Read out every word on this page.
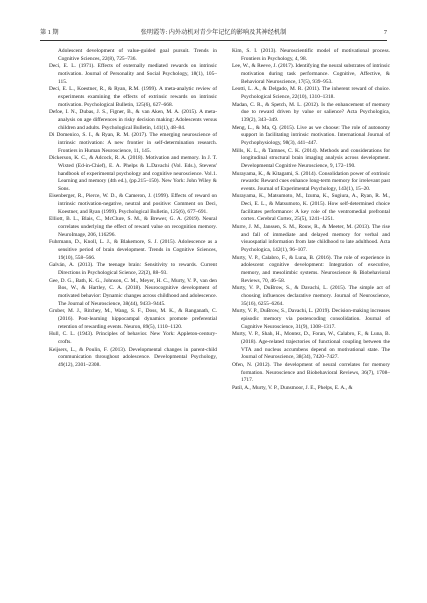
第 1 期	张明霞等: 内外动机对青少年记忆的影响及其神经机制	7

Adolescent development of value-guided goal pursuit. Trends in Cognitive Sciences, 22(8), 725–736.

Deci, E. L. (1971). Effects of externally mediated rewards on intrinsic motivation. Journal of Personality and Social Psychology, 18(1), 105–115.

Deci, E. L., Koestner, R., & Ryan, R.M. (1999). A meta-analytic review of experiments examining the effects of extrinsic rewards on intrinsic motivation. Psychological Bulletin, 125(6), 627–668.

Defoe, I. N., Dubas, J. S., Figner, B., & van Aken, M. A. (2015). A meta-analysis on age differences in risky decision making: Adolescents versus children and adults. Psychological Bulletin, 141(1), 48–84.

Di Domenico, S. I., & Ryan, R. M. (2017). The emerging neuroscience of intrinsic motivation: A new frontier in self-determination research. Frontiers in Human Neuroscience, 11, 145.

Dickerson, K. C., & Adcock, R. A. (2018). Motivation and memory. In J. T. Wixted (Ed-in-Chief), E. A. Phelps & L.Davachi (Vol. Eds.), Stevens' handbook of experimental psychology and cognitive neuroscience. Vol.1. Learning and memory (4th ed.), (pp.215–150). New York: John Wiley & Sons.

Eisenberger, R., Pierce, W. D., & Cameron, J. (1999). Effects of reward on intrinsic motivation-negative, neutral and positive: Comment on Deci, Koestner, and Ryan (1999). Psychological Bulletin, 125(6), 677–691.

Elliott, B. L., Blais, C., McClure, S. M., & Brewer, G. A. (2019). Neural correlates underlying the effect of reward value on recognition memory. NeuroImage, 206, 116296.

Fuhrmann, D., Knoll, L. J., & Blakemore, S. J. (2015). Adolescence as a sensitive period of brain development. Trends in Cognitive Sciences, 19(10), 558–566.

Galván, A. (2013). The teenage brain: Sensitivity to rewards. Current Directions in Psychological Science, 22(2), 88–93.

Gee, D. G., Bath, K. G., Johnson, C. M., Meyer, H. C., Murty, V. P., van den Bos, W., & Hartley, C. A. (2018). Neurocognitive development of motivated behavior: Dynamic changes across childhood and adolescence. The Journal of Neuroscience, 38(44), 9433–9445.

Gruber, M. J., Ritchey, M., Wang, S. F., Doss, M. K., & Ranganath, C. (2016). Post-learning hippocampal dynamics promote preferential retention of rewarding events. Neuron, 89(5), 1110–1120.

Hull, C. L. (1943). Principles of behavior. New York: Appleton-century-crofts.

Keijsers, L., & Poulin, F. (2013). Developmental changes in parent-child communication throughout adolescence. Developmental Psychology, 49(12), 2301–2308.

Kim, S. I. (2013). Neuroscientific model of motivational process. Frontiers in Psychology, 4, 98.

Lee, W., & Reeve, J. (2017). Identifying the neural substrates of intrinsic motivation during task performance. Cognitive, Affective, & Behavioral Neuroscience, 17(5), 939–953.

Leotti, L. A., & Delgado, M. R. (2011). The inherent reward of choice. Psychological Science, 22(10), 1310–1318.

Madan, C. R., & Spetch, M. L. (2012). Is the enhancement of memory due to reward driven by value or salience? Acta Psychologica, 139(2), 343–349.

Meng, L., & Ma, Q. (2015). Live as we choose: The role of autonomy support in facilitating intrinsic motivation. International Journal of Psychophysiology, 98(3), 441–447.

Mills, K. L., & Tamnes, C. K. (2014). Methods and considerations for longitudinal structural brain imaging analysis across development. Developmental Cognitive Neuroscience, 9, 172–190.

Murayama, K., & Kitagami, S. (2014). Consolidation power of extrinsic rewards: Reward cues enhance long-term memory for irrelevant past events. Journal of Experimental Psychology, 143(1), 15–20.

Murayama, K., Matsumoto, M., Izuma, K., Sugiura, A., Ryan, R. M., Deci, E. L., & Matsumoto, K. (2015). How self-determined choice facilitates performance: A key role of the ventromedial prefrontal cortex. Cerebral Cortex, 25(5), 1241–1251.

Murre, J. M., Janssen, S. M., Rouw, R., & Meeter, M. (2013). The rise and fall of immediate and delayed memory for verbal and visuospatial information from late childhood to late adulthood. Acta Psychologica, 142(1), 96–107.

Murty, V. P., Calabro, F., & Luna, B. (2016). The role of experience in adolescent cognitive development: Integration of executive, memory, and mesolimbic systems. Neuroscience & Biobehavioral Reviews, 70, 46–58.

Murty, V. P., DuBrow, S., & Davachi, L. (2015). The simple act of choosing influences declarative memory. Journal of Neuroscience, 35(16), 6255–6264.

Murty, V. P., DuBrow, S., Davachi, L. (2019). Decision-making increases episodic memory via postencoding consolidation. Journal of Cognitive Neuroscience, 31(9), 1308–1317.

Murty, V. P., Shah, H., Montez, D., Foran, W., Calabro, F., & Luna, B. (2018). Age-related trajectories of functional coupling between the VTA and nucleus accumbens depend on motivational state. The Journal of Neuroscience, 38(34), 7420–7427.

Ofen, N. (2012). The development of neural correlates for memory formation. Neuroscience and Biobehavioral Reviews, 36(7), 1708–1717.

Patil, A., Murty, V. P., Dunsmoor, J. E., Phelps, E. A., &
